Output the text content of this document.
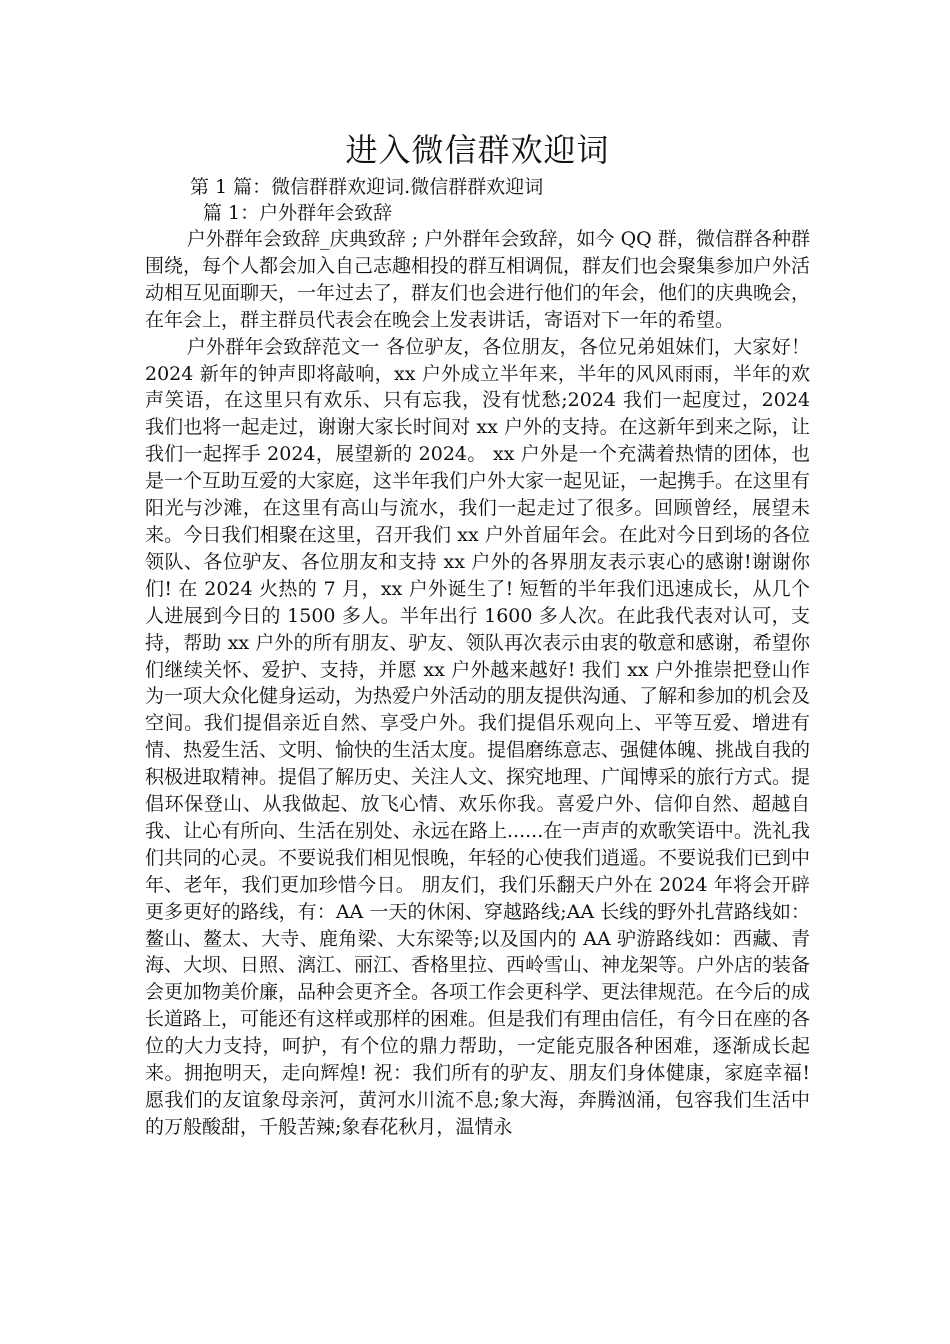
进入微信群欢迎词

第 1 篇：微信群群欢迎词.微信群群欢迎词

篇 1：户外群年会致辞

户外群年会致辞_庆典致辞 ; 户外群年会致辞，如今 QQ 群，微信群各种群围绕，每个人都会加入自己志趣相投的群互相调侃，群友们也会聚集参加户外活动相互见面聊天，一年过去了，群友们也会进行他们的年会，他们的庆典晚会，在年会上，群主群员代表会在晚会上发表讲话，寄语对下一年的希望。

户外群年会致辞范文一 各位驴友，各位朋友，各位兄弟姐妹们，大家好！2024 新年的钟声即将敲响，xx 户外成立半年来，半年的风风雨雨，半年的欢声笑语，在这里只有欢乐、只有忘我，没有忧愁;2024 我们一起度过，2024 我们也将一起走过，谢谢大家长时间对 xx 户外的支持。在这新年到来之际，让我们一起挥手 2024，展望新的 2024。 xx 户外是一个充满着热情的团体，也是一个互助互爱的大家庭，这半年我们户外大家一起见证，一起携手。在这里有阳光与沙滩，在这里有高山与流水，我们一起走过了很多。回顾曾经，展望未来。今日我们相聚在这里，召开我们 xx 户外首届年会。在此对今日到场的各位领队、各位驴友、各位朋友和支持 xx 户外的各界朋友表示衷心的感谢!谢谢你们! 在 2024 火热的 7 月，xx 户外诞生了! 短暂的半年我们迅速成长，从几个人进展到今日的 1500 多人。半年出行 1600 多人次。在此我代表对认可，支持，帮助 xx 户外的所有朋友、驴友、领队再次表示由衷的敬意和感谢，希望你们继续关怀、爱护、支持，并愿 xx 户外越来越好! 我们 xx 户外推崇把登山作为一项大众化健身运动，为热爱户外活动的朋友提供沟通、了解和参加的机会及空间。我们提倡亲近自然、享受户外。我们提倡乐观向上、平等互爱、增进有情、热爱生活、文明、愉快的生活太度。提倡磨练意志、强健体魄、挑战自我的积极进取精神。提倡了解历史、关注人文、探究地理、广闻博采的旅行方式。提倡环保登山、从我做起、放飞心情、欢乐你我。喜爱户外、信仰自然、超越自我、让心有所向、生活在别处、永远在路上......在一声声的欢歌笑语中。洗礼我们共同的心灵。不要说我们相见恨晚，年轻的心使我们逍遥。不要说我们已到中年、老年，我们更加珍惜今日。 朋友们，我们乐翻天户外在 2024 年将会开辟更多更好的路线，有：AA 一天的休闲、穿越路线;AA 长线的野外扎营路线如：鳌山、鳌太、大寺、鹿角梁、大东梁等;以及国内的 AA 驴游路线如：西藏、青海、大坝、日照、漓江、丽江、香格里拉、西岭雪山、神龙架等。户外店的装备会更加物美价廉，品种会更齐全。各项工作会更科学、更法律规范。在今后的成长道路上，可能还有这样或那样的困难。但是我们有理由信任，有今日在座的各位的大力支持，呵护，有个位的鼎力帮助，一定能克服各种困难，逐渐成长起来。拥抱明天，走向辉煌! 祝：我们所有的驴友、朋友们身体健康，家庭幸福!愿我们的友谊象母亲河，黄河水川流不息;象大海，奔腾汹涌，包容我们生活中的万般酸甜，千般苦辣;象春花秋月，温情永
